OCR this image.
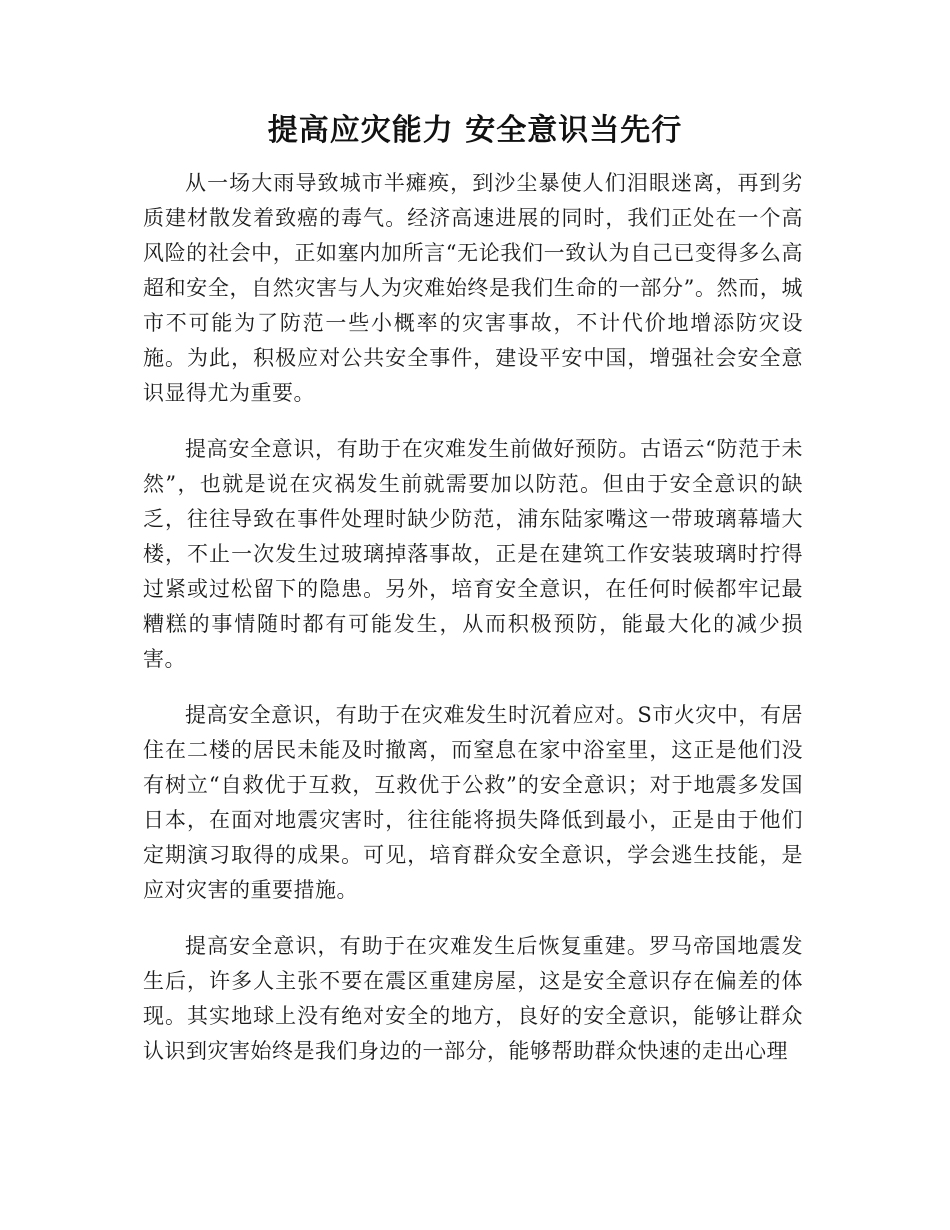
提高应灾能力 安全意识当先行

从一场大雨导致城市半瘫痪，到沙尘暴使人们泪眼迷离，再到劣质建材散发着致癌的毒气。经济高速进展的同时，我们正处在一个高风险的社会中，正如塞内加所言“无论我们一致认为自己已变得多么高超和安全，自然灾害与人为灾难始终是我们生命的一部分”。然而，城市不可能为了防范一些小概率的灾害事故，不计代价地增添防灾设施。为此，积极应对公共安全事件，建设平安中国，增强社会安全意识显得尤为重要。

提高安全意识，有助于在灾难发生前做好预防。古语云“防范于未然”，也就是说在灾祸发生前就需要加以防范。但由于安全意识的缺乏，往往导致在事件处理时缺少防范，浦东陆家嘴这一带玻璃幕墙大楼，不止一次发生过玻璃掉落事故，正是在建筑工作安装玻璃时拧得过紧或过松留下的隐患。另外，培育安全意识，在任何时候都牢记最糟糕的事情随时都有可能发生，从而积极预防，能最大化的减少损害。

提高安全意识，有助于在灾难发生时沉着应对。S市火灾中，有居住在二楼的居民未能及时撤离，而窒息在家中浴室里，这正是他们没有树立“自救优于互救，互救优于公救”的安全意识；对于地震多发国日本，在面对地震灾害时，往往能将损失降低到最小，正是由于他们定期演习取得的成果。可见，培育群众安全意识，学会逃生技能，是应对灾害的重要措施。

提高安全意识，有助于在灾难发生后恢复重建。罗马帝国地震发生后，许多人主张不要在震区重建房屋，这是安全意识存在偏差的体现。其实地球上没有绝对安全的地方，良好的安全意识，能够让群众认识到灾害始终是我们身边的一部分，能够帮助群众快速的走出心理
